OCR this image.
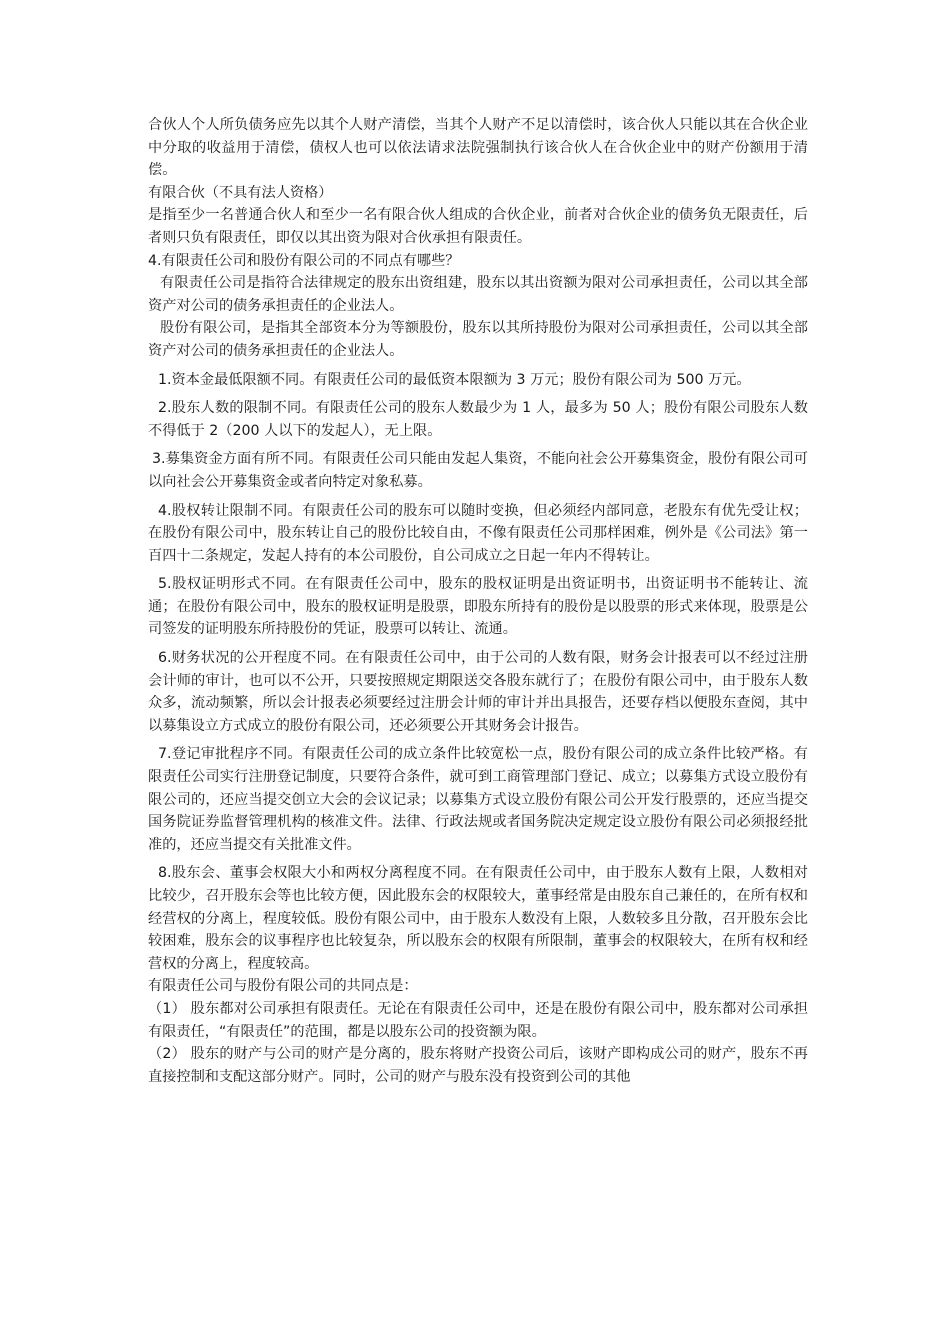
合伙人个人所负债务应先以其个人财产清偿，当其个人财产不足以清偿时，该合伙人只能以其在合伙企业中分取的收益用于清偿，债权人也可以依法请求法院强制执行该合伙人在合伙企业中的财产份额用于清偿。

有限合伙（不具有法人资格）

是指至少一名普通合伙人和至少一名有限合伙人组成的合伙企业，前者对合伙企业的债务负无限责任，后者则只负有限责任，即仅以其出资为限对合伙承担有限责任。

4.有限责任公司和股份有限公司的不同点有哪些？

有限责任公司是指符合法律规定的股东出资组建，股东以其出资额为限对公司承担责任，公司以其全部资产对公司的债务承担责任的企业法人。

股份有限公司，是指其全部资本分为等额股份，股东以其所持股份为限对公司承担责任，公司以其全部资产对公司的债务承担责任的企业法人。

1.资本金最低限额不同。有限责任公司的最低资本限额为 3 万元；股份有限公司为 500 万元。

2.股东人数的限制不同。有限责任公司的股东人数最少为 1 人，最多为 50 人；股份有限公司股东人数不得低于 2（200 人以下的发起人），无上限。

3.募集资金方面有所不同。有限责任公司只能由发起人集资，不能向社会公开募集资金，股份有限公司可以向社会公开募集资金或者向特定对象私募。

4.股权转让限制不同。有限责任公司的股东可以随时变换，但必须经内部同意，老股东有优先受让权；在股份有限公司中，股东转让自己的股份比较自由，不像有限责任公司那样困难，例外是《公司法》第一百四十二条规定，发起人持有的本公司股份，自公司成立之日起一年内不得转让。

5.股权证明形式不同。在有限责任公司中，股东的股权证明是出资证明书，出资证明书不能转让、流通；在股份有限公司中，股东的股权证明是股票，即股东所持有的股份是以股票的形式来体现，股票是公司签发的证明股东所持股份的凭证，股票可以转让、流通。

6.财务状况的公开程度不同。在有限责任公司中，由于公司的人数有限，财务会计报表可以不经过注册会计师的审计，也可以不公开，只要按照规定期限送交各股东就行了；在股份有限公司中，由于股东人数众多，流动频繁，所以会计报表必须要经过注册会计师的审计并出具报告，还要存档以便股东查阅，其中以募集设立方式成立的股份有限公司，还必须要公开其财务会计报告。

7.登记审批程序不同。有限责任公司的成立条件比较宽松一点，股份有限公司的成立条件比较严格。有限责任公司实行注册登记制度，只要符合条件，就可到工商管理部门登记、成立；以募集方式设立股份有限公司的，还应当提交创立大会的会议记录；以募集方式设立股份有限公司公开发行股票的，还应当提交国务院证券监督管理机构的核准文件。法律、行政法规或者国务院决定规定设立股份有限公司必须报经批准的，还应当提交有关批准文件。

8.股东会、董事会权限大小和两权分离程度不同。在有限责任公司中，由于股东人数有上限，人数相对比较少，召开股东会等也比较方便，因此股东会的权限较大，董事经常是由股东自己兼任的，在所有权和经营权的分离上，程度较低。股份有限公司中，由于股东人数没有上限，人数较多且分散，召开股东会比较困难，股东会的议事程序也比较复杂，所以股东会的权限有所限制，董事会的权限较大，在所有权和经营权的分离上，程度较高。

有限责任公司与股份有限公司的共同点是：

（1） 股东都对公司承担有限责任。无论在有限责任公司中，还是在股份有限公司中，股东都对公司承担有限责任，“有限责任”的范围，都是以股东公司的投资额为限。

（2） 股东的财产与公司的财产是分离的，股东将财产投资公司后，该财产即构成公司的财产，股东不再直接控制和支配这部分财产。同时，公司的财产与股东没有投资到公司的其他
